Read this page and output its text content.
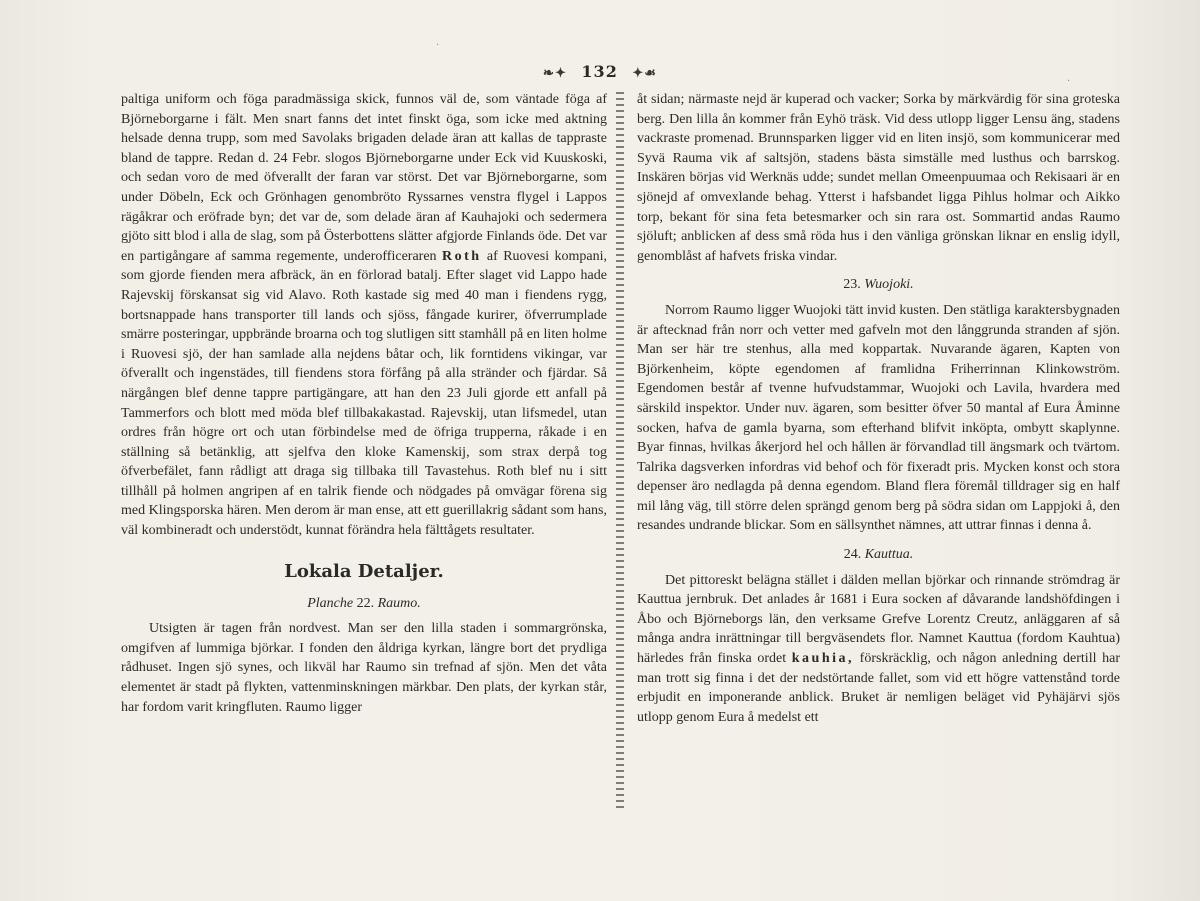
❧✦ 132 ✦☙
·
·

paltiga uniform och föga paradmässiga skick, funnos väl de, som väntade föga af Björneborgarne i fält. Men snart fanns det intet finskt öga, som icke med aktning helsade denna trupp, som med Savolaks brigaden delade äran att kallas de tappraste bland de tappre. Redan d. 24 Febr. slogos Björneborgarne under Eck vid Kuuskoski, och sedan voro de med öfverallt der faran var störst. Det var Björneborgarne, som under Döbeln, Eck och Grönhagen genombröto Ryssarnes venstra flygel i Lappos rägåkrar och eröfrade byn; det var de, som delade äran af Kauhajoki och sedermera gjöto sitt blod i alla de slag, som på Österbottens slätter afgjorde Finlands öde. Det var en partigångare af samma regemente, underofficeraren Roth af Ruovesi kompani, som gjorde fienden mera afbräck, än en förlorad batalj. Efter slaget vid Lappo hade Rajevskij förskansat sig vid Alavo. Roth kastade sig med 40 man i fiendens rygg, bortsnappade hans transporter till lands och sjöss, fångade kurirer, öfverrumplade smärre posteringar, uppbrände broarna och tog slutligen sitt stamhåll på en liten holme i Ruovesi sjö, der han samlade alla nejdens båtar och, lik forntidens vikingar, var öfverallt och ingenstädes, till fiendens stora förfång på alla stränder och fjärdar. Så närgången blef denne tappre partigängare, att han den 23 Juli gjorde ett anfall på Tammerfors och blott med möda blef tillbakakastad. Rajevskij, utan lifsmedel, utan ordres från högre ort och utan förbindelse med de öfriga trupperna, råkade i en ställning så betänklig, att sjelfva den kloke Kamenskij, som strax derpå tog öfverbefälet, fann rådligt att draga sig tillbaka till Tavastehus. Roth blef nu i sitt tillhåll på holmen angripen af en talrik fiende och nödgades på omvägar förena sig med Klingsporska hären. Men derom är man ense, att ett guerillakrig sådant som hans, väl kombineradt och understödt, kunnat förändra hela fälttågets resultater.

Lokala Detaljer.
Planche 22. Raumo.

Utsigten är tagen från nordvest. Man ser den lilla staden i sommargrönska, omgifven af lummiga björkar. I fonden den åldriga kyrkan, längre bort det prydliga rådhuset. Ingen sjö synes, och likväl har Raumo sin trefnad af sjön. Men det våta elementet är stadt på flykten, vattenminskningen märkbar. Den plats, der kyrkan står, har fordom varit kringfluten. Raumo ligger

åt sidan; närmaste nejd är kuperad och vacker; Sorka by märkvärdig för sina groteska berg. Den lilla ån kommer från Eyhö träsk. Vid dess utlopp ligger Lensu äng, stadens vackraste promenad. Brunnsparken ligger vid en liten insjö, som kommunicerar med Syvä Rauma vik af saltsjön, stadens bästa simställe med lusthus och barrskog. Inskären börjas vid Werknäs udde; sundet mellan Omeenpuumaa och Rekisaari är en sjönejd af omvexlande behag. Ytterst i hafsbandet ligga Pihlus holmar och Aikko torp, bekant för sina feta betesmarker och sin rara ost. Sommartid andas Raumo sjöluft; anblicken af dess små röda hus i den vänliga grönskan liknar en enslig idyll, genomblåst af hafvets friska vindar.

23. Wuojoki.

Norrom Raumo ligger Wuojoki tätt invid kusten. Den stätliga karaktersbygnaden är aftecknad från norr och vetter med gafveln mot den långgrunda stranden af sjön. Man ser här tre stenhus, alla med koppartak. Nuvarande ägaren, Kapten von Björkenheim, köpte egendomen af framlidna Friherrinnan Klinkowström. Egendomen består af tvenne hufvudstammar, Wuojoki och Lavila, hvardera med särskild inspektor. Under nuv. ägaren, som besitter öfver 50 mantal af Eura Åminne socken, hafva de gamla byarna, som efterhand blifvit inköpta, ombytt skaplynne. Byar finnas, hvilkas åkerjord hel och hållen är förvandlad till ängsmark och tvärtom. Talrika dagsverken infordras vid behof och för fixeradt pris. Mycken konst och stora depenser äro nedlagda på denna egendom. Bland flera föremål tilldrager sig en half mil lång väg, till större delen sprängd genom berg på södra sidan om Lappjoki å, den resandes undrande blickar. Som en sällsynthet nämnes, att uttrar finnas i denna å.

24. Kauttua.

Det pittoreskt belägna stället i dälden mellan björkar och rinnande strömdrag är Kauttua jernbruk. Det anlades år 1681 i Eura socken af dåvarande landshöfdingen i Åbo och Björneborgs län, den verksame Grefve Lorentz Creutz, anläggaren af så många andra inrättningar till bergväsendets flor. Namnet Kauttua (fordom Kauhtua) härledes från finska ordet kauhia, förskräcklig, och någon anledning dertill har man trott sig finna i det der nedstörtande fallet, som vid ett högre vattenstånd torde erbjudit en imponerande anblick. Bruket är nemligen beläget vid Pyhäjärvi sjös utlopp genom Eura å medelst ett
